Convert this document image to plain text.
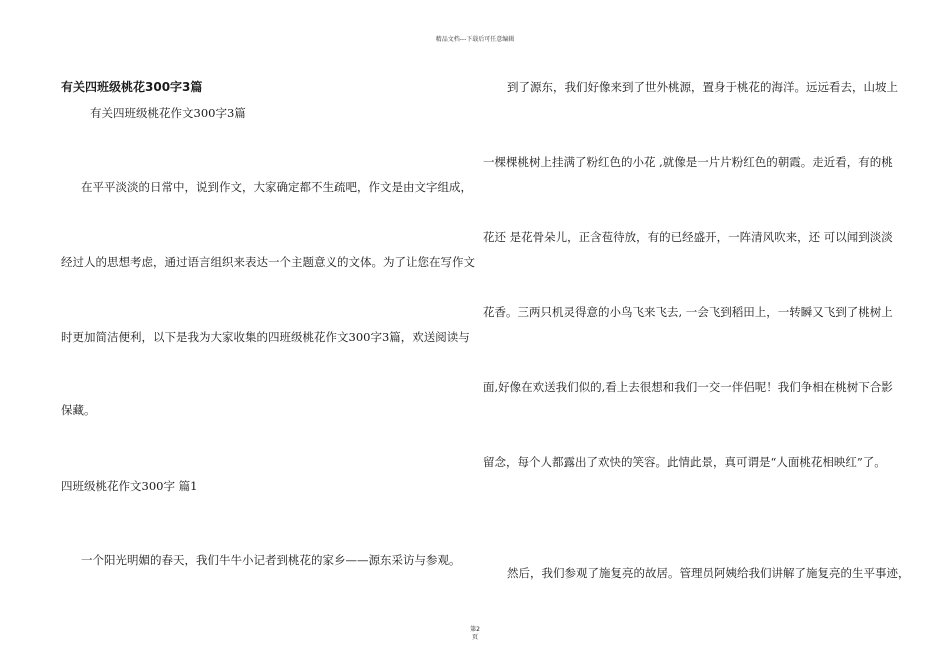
精品文档---下载后可任意编辑
有关四班级桃花300字3篇
有关四班级桃花作文300字3篇
在平平淡淡的日常中，说到作文，大家确定都不生疏吧，作文是由文字组成，
经过人的思想考虑，通过语言组织来表达一个主题意义的文体。为了让您在写作文
时更加简洁便利，以下是我为大家收集的四班级桃花作文300字3篇，欢送阅读与
保藏。
四班级桃花作文300字 篇1
一个阳光明媚的春天，我们牛牛小记者到桃花的家乡——源东采访与参观。
到了源东，我们好像来到了世外桃源，置身于桃花的海洋。远远看去，山坡上
一棵棵桃树上挂满了粉红色的小花 ,就像是一片片粉红色的朝霞。走近看，有的桃
花还 是花骨朵儿，正含苞待放，有的已经盛开，一阵清风吹来，还 可以闻到淡淡
花香。三两只机灵得意的小鸟飞来飞去, 一会飞到稻田上，一转瞬又飞到了桃树上
面,好像在欢送我们似的,看上去很想和我们一交一伴侣呢！我们争相在桃树下合影
留念，每个人都露出了欢快的笑容。此情此景，真可谓是“人面桃花相映红”了。
然后，我们参观了施复亮的故居。管理员阿姨给我们讲解了施复亮的生平事迹，
第2
页
